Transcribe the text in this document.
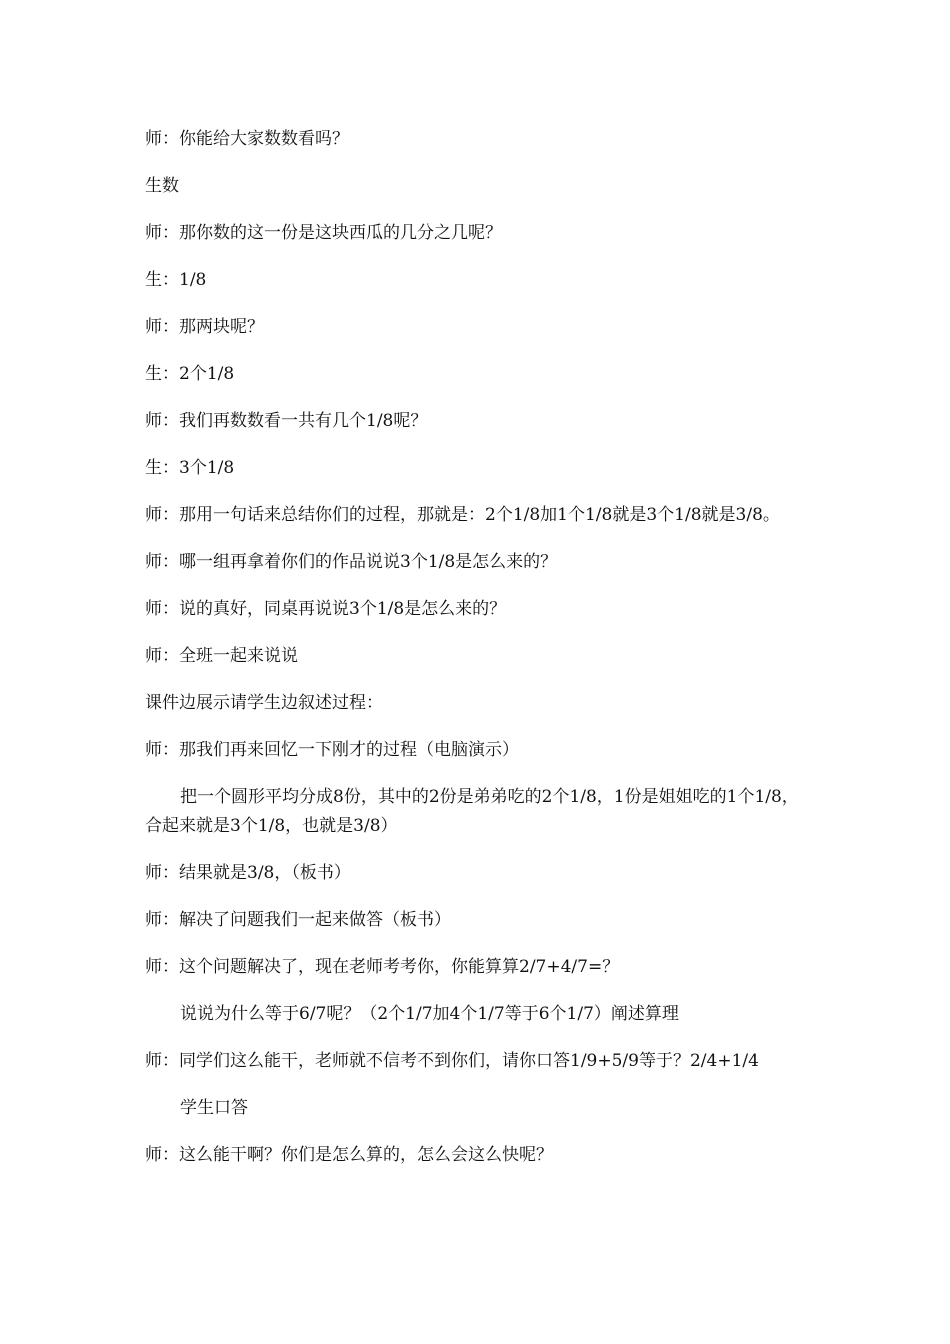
师：你能给大家数数看吗？

生数

师：那你数的这一份是这块西瓜的几分之几呢？

生：1/8

师：那两块呢？

生：2个1/8

师：我们再数数看一共有几个1/8呢？

生：3个1/8

师：那用一句话来总结你们的过程，那就是：2个1/8加1个1/8就是3个1/8就是3/8。

师：哪一组再拿着你们的作品说说3个1/8是怎么来的？

师：说的真好，同桌再说说3个1/8是怎么来的？

师：全班一起来说说

课件边展示请学生边叙述过程：

师：那我们再来回忆一下刚才的过程（电脑演示）

把一个圆形平均分成8份，其中的2份是弟弟吃的2个1/8，1份是姐姐吃的1个1/8，合起来就是3个1/8，也就是3/8）

师：结果就是3/8，（板书）

师：解决了问题我们一起来做答（板书）

师：这个问题解决了，现在老师考考你，你能算算2/7+4/7=？

说说为什么等于6/7呢？（2个1/7加4个1/7等于6个1/7）阐述算理

师：同学们这么能干，老师就不信考不到你们，请你口答1/9+5/9等于？2/4+1/4

学生口答

师：这么能干啊？你们是怎么算的，怎么会这么快呢？
